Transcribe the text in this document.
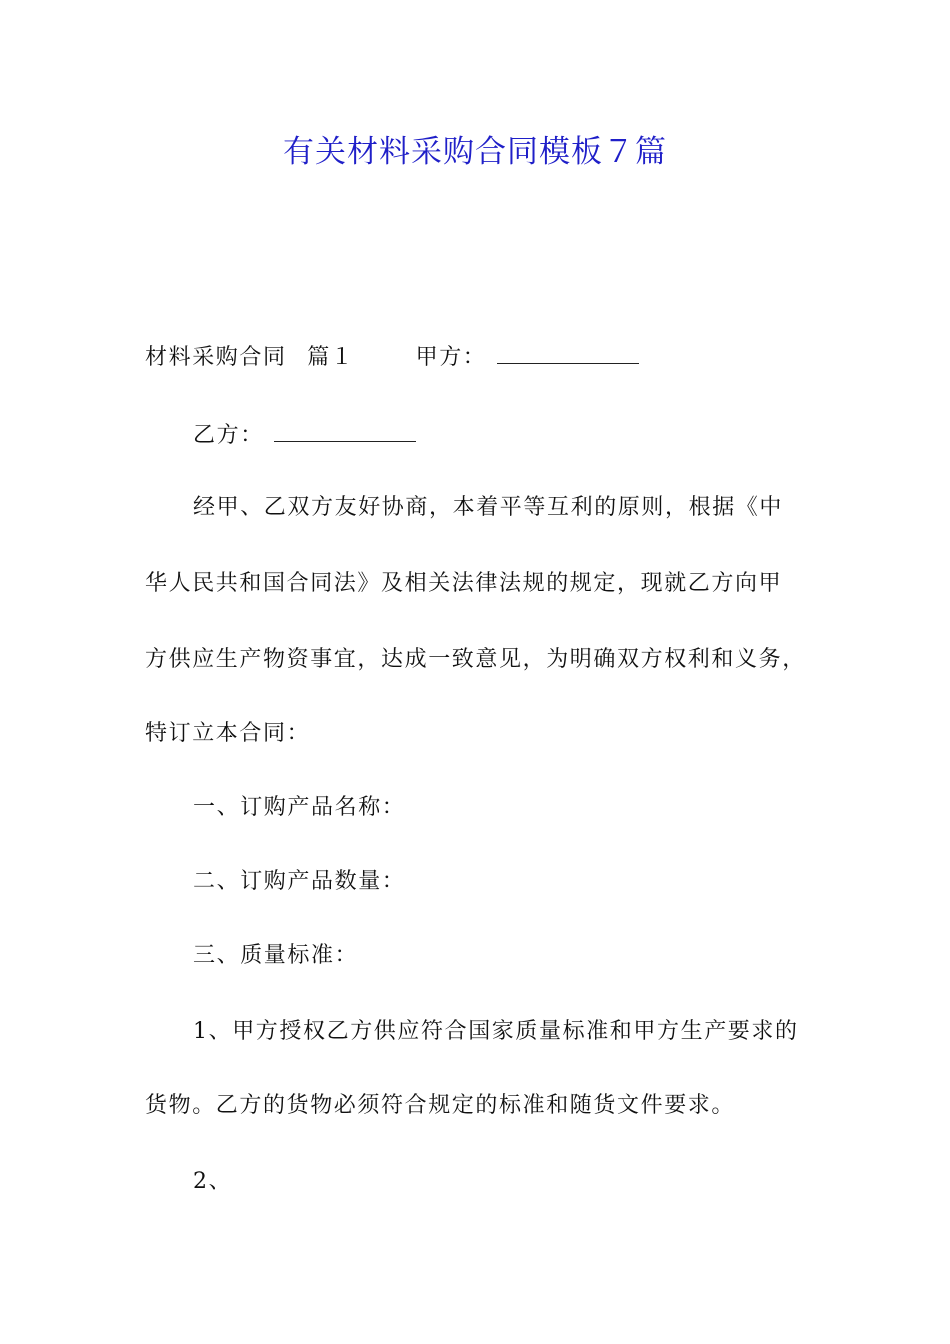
有关材料采购合同模板７篇
材料采购合同 篇１	甲方：
乙方：
经甲、乙双方友好协商，本着平等互利的原则，根据《中
华人民共和国合同法》及相关法律法规的规定，现就乙方向甲
方供应生产物资事宜，达成一致意见，为明确双方权利和义务，
特订立本合同：
一、订购产品名称：
二、订购产品数量：
三、质量标准：
1、甲方授权乙方供应符合国家质量标准和甲方生产要求的
货物。乙方的货物必须符合规定的标准和随货文件要求。
2、
